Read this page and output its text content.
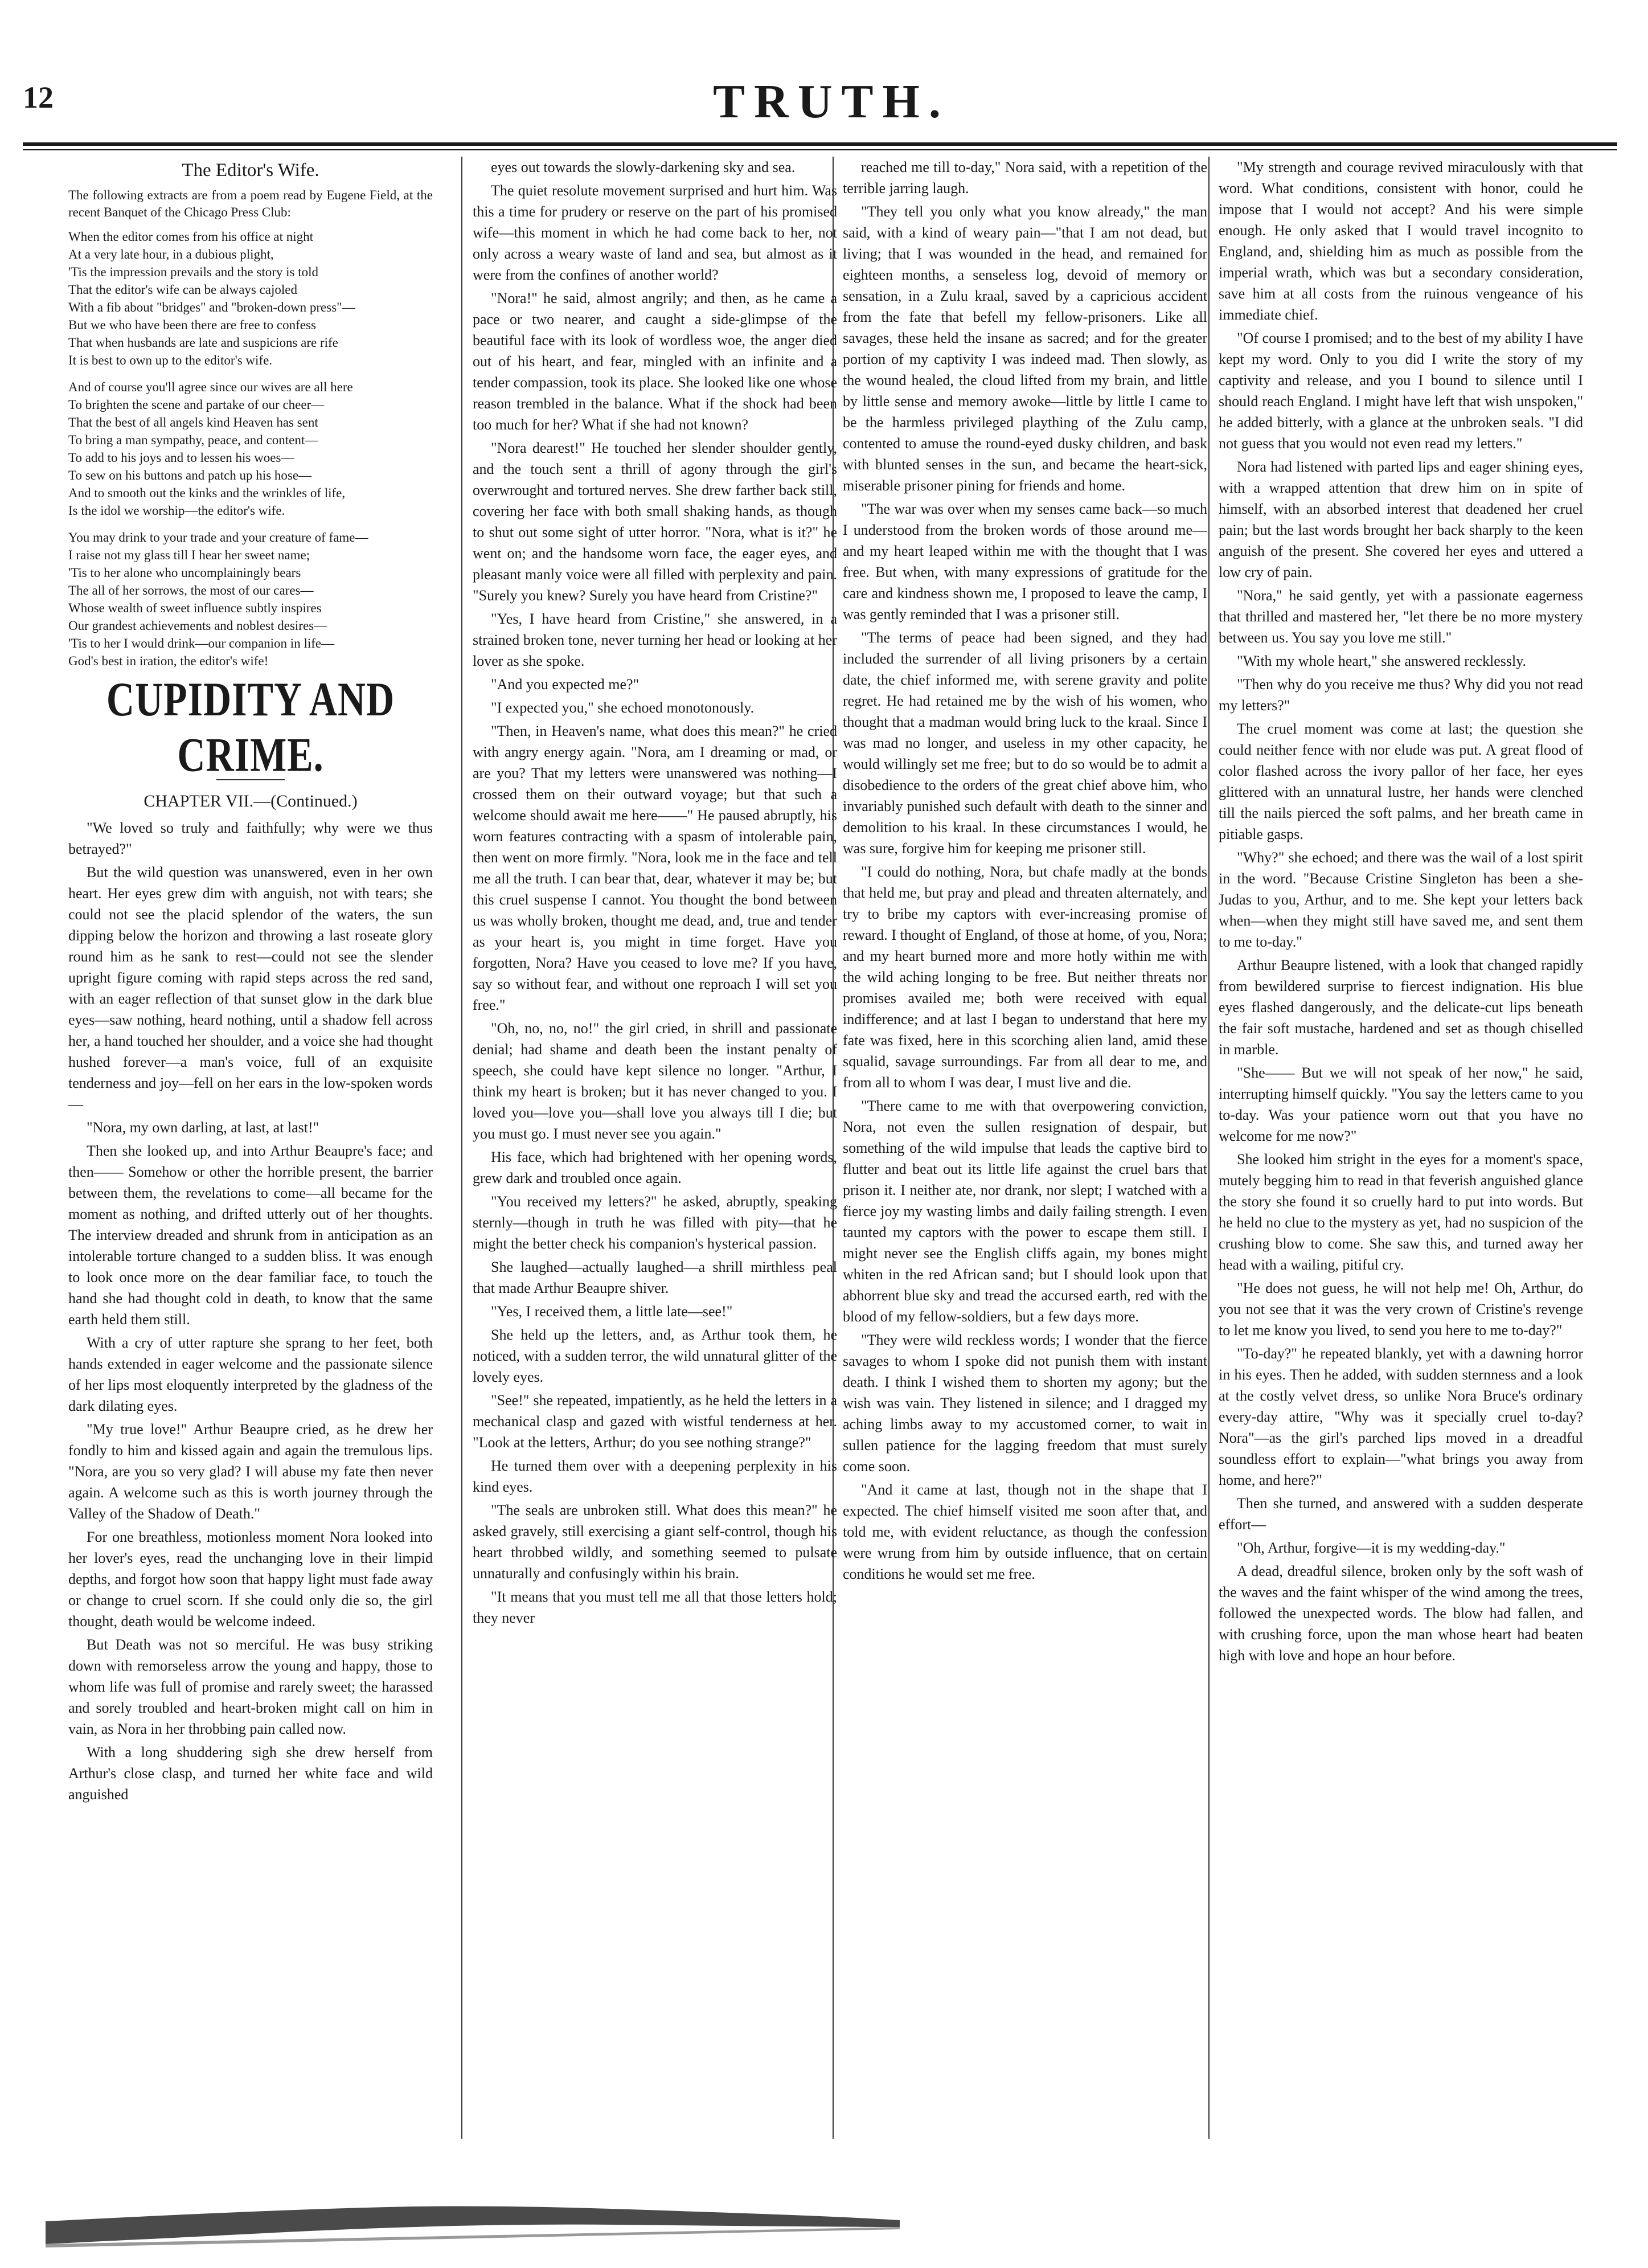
12	TRUTH.
The Editor's Wife.
The following extracts are from a poem read by Eugene Field, at the recent Banquet of the Chicago Press Club:
When the editor comes from his office at night
At a very late hour, in a dubious plight,
'Tis the impression prevails and the story is told
That the editor's wife can be always cajoled
With a fib about "bridges" and "broken-down press"—
But we who have been there are free to confess
That when husbands are late and suspicions are rife
It is best to own up to the editor's wife.
And of course you'll agree since our wives are all here
To brighten the scene and partake of our cheer—
That the best of all angels kind Heaven has sent
To bring a man sympathy, peace, and content—
To add to his joys and to lessen his woes—
To sew on his buttons and patch up his hose—
And to smooth out the kinks and the wrinkles of life,
Is the idol we worship—the editor's wife.
You may drink to your trade and your creature of fame—
I raise not my glass till I hear her sweet name;
'Tis to her alone who uncomplainingly bears
The all of her sorrows, the most of our cares—
Whose wealth of sweet influence subtly inspires
Our grandest achievements and noblest desires—
'Tis to her I would drink—our companion in life—
God's best in iration, the editor's wife!
CUPIDITY AND CRIME.
CHAPTER VII.—(Continued.)

"We loved so truly and faithfully; why were we thus betrayed?"

But the wild question was unanswered, even in her own heart. Her eyes grew dim with anguish, not with tears; she could not see the placid splendor of the waters, the sun dipping below the horizon and throwing a last roseate glory round him as he sank to rest—could not see the slender upright figure coming with rapid steps across the red sand, with an eager reflection of that sunset glow in the dark blue eyes—saw nothing, heard nothing, until a shadow fell across her, a hand touched her shoulder, and a voice she had thought hushed forever—a man's voice, full of an exquisite tenderness and joy—fell on her ears in the low-spoken words—

"Nora, my own darling, at last, at last!"

Then she looked up, and into Arthur Beaupre's face; and then—— Somehow or other the horrible present, the barrier between them, the revelations to come—all became for the moment as nothing, and drifted utterly out of her thoughts. The interview dreaded and shrunk from in anticipation as an intolerable torture changed to a sudden bliss. It was enough to look once more on the dear familiar face, to touch the hand she had thought cold in death, to know that the same earth held them still.

With a cry of utter rapture she sprang to her feet, both hands extended in eager welcome and the passionate silence of her lips most eloquently interpreted by the gladness of the dark dilating eyes.

"My true love!" Arthur Beaupre cried, as he drew her fondly to him and kissed again and again the tremulous lips. "Nora, are you so very glad? I will abuse my fate then never again. A welcome such as this is worth journey through the Valley of the Shadow of Death."

For one breathless, motionless moment Nora looked into her lover's eyes, read the unchanging love in their limpid depths, and forgot how soon that happy light must fade away or change to cruel scorn. If she could only die so, the girl thought, death would be welcome indeed.

But Death was not so merciful. He was busy striking down with remorseless arrow the young and happy, those to whom life was full of promise and rarely sweet; the harassed and sorely troubled and heart-broken might call on him in vain, as Nora in her throbbing pain called now.

With a long shuddering sigh she drew herself from Arthur's close clasp, and turned her white face and wild anguished

eyes out towards the slowly-darkening sky and sea.

The quiet resolute movement surprised and hurt him. Was this a time for prudery or reserve on the part of his promised wife—this moment in which he had come back to her, not only across a weary waste of land and sea, but almost as it were from the confines of another world?

"Nora!" he said, almost angrily; and then, as he came a pace or two nearer, and caught a side-glimpse of the beautiful face with its look of wordless woe, the anger died out of his heart, and fear, mingled with an infinite and a tender compassion, took its place. She looked like one whose reason trembled in the balance. What if the shock had been too much for her? What if she had not known?

"Nora dearest!" He touched her slender shoulder gently, and the touch sent a thrill of agony through the girl's overwrought and tortured nerves. She drew farther back still, covering her face with both small shaking hands, as though to shut out some sight of utter horror. "Nora, what is it?" he went on; and the handsome worn face, the eager eyes, and pleasant manly voice were all filled with perplexity and pain. "Surely you knew? Surely you have heard from Cristine?"

"Yes, I have heard from Cristine," she answered, in a strained broken tone, never turning her head or looking at her lover as she spoke.

"And you expected me?"

"I expected you," she echoed monotonously.

"Then, in Heaven's name, what does this mean?" he cried with angry energy again. "Nora, am I dreaming or mad, or are you? That my letters were unanswered was nothing—I crossed them on their outward voyage; but that such a welcome should await me here——" He paused abruptly, his worn features contracting with a spasm of intolerable pain, then went on more firmly. "Nora, look me in the face and tell me all the truth. I can bear that, dear, whatever it may be; but this cruel suspense I cannot. You thought the bond between us was wholly broken, thought me dead, and, true and tender as your heart is, you might in time forget. Have you forgotten, Nora? Have you ceased to love me? If you have, say so without fear, and without one reproach I will set you free."

"Oh, no, no, no!" the girl cried, in shrill and passionate denial; had shame and death been the instant penalty of speech, she could have kept silence no longer. "Arthur, I think my heart is broken; but it has never changed to you. I loved you—love you—shall love you always till I die; but you must go. I must never see you again."

His face, which had brightened with her opening words, grew dark and troubled once again.

"You received my letters?" he asked, abruptly, speaking sternly—though in truth he was filled with pity—that he might the better check his companion's hysterical passion.

She laughed—actually laughed—a shrill mirthless peal that made Arthur Beaupre shiver.

"Yes, I received them, a little late—see!"

She held up the letters, and, as Arthur took them, he noticed, with a sudden terror, the wild unnatural glitter of the lovely eyes.

"See!" she repeated, impatiently, as he held the letters in a mechanical clasp and gazed with wistful tenderness at her. "Look at the letters, Arthur; do you see nothing strange?"

He turned them over with a deepening perplexity in his kind eyes.

"The seals are unbroken still. What does this mean?" he asked gravely, still exercising a giant self-control, though his heart throbbed wildly, and something seemed to pulsate unnaturally and confusingly within his brain.

"It means that you must tell me all that those letters hold; they never

reached me till to-day," Nora said, with a repetition of the terrible jarring laugh.

"They tell you only what you know already," the man said, with a kind of weary pain—"that I am not dead, but living; that I was wounded in the head, and remained for eighteen months, a senseless log, devoid of memory or sensation, in a Zulu kraal, saved by a capricious accident from the fate that befell my fellow-prisoners. Like all savages, these held the insane as sacred; and for the greater portion of my captivity I was indeed mad. Then slowly, as the wound healed, the cloud lifted from my brain, and little by little sense and memory awoke—little by little I came to be the harmless privileged plaything of the Zulu camp, contented to amuse the round-eyed dusky children, and bask with blunted senses in the sun, and became the heart-sick, miserable prisoner pining for friends and home.

"The war was over when my senses came back—so much I understood from the broken words of those around me—and my heart leaped within me with the thought that I was free. But when, with many expressions of gratitude for the care and kindness shown me, I proposed to leave the camp, I was gently reminded that I was a prisoner still.

"The terms of peace had been signed, and they had included the surrender of all living prisoners by a certain date, the chief informed me, with serene gravity and polite regret. He had retained me by the wish of his women, who thought that a madman would bring luck to the kraal. Since I was mad no longer, and useless in my other capacity, he would willingly set me free; but to do so would be to admit a disobedience to the orders of the great chief above him, who invariably punished such default with death to the sinner and demolition to his kraal. In these circumstances I would, he was sure, forgive him for keeping me prisoner still.

"I could do nothing, Nora, but chafe madly at the bonds that held me, but pray and plead and threaten alternately, and try to bribe my captors with ever-increasing promise of reward. I thought of England, of those at home, of you, Nora; and my heart burned more and more hotly within me with the wild aching longing to be free. But neither threats nor promises availed me; both were received with equal indifference; and at last I began to understand that here my fate was fixed, here in this scorching alien land, amid these squalid, savage surroundings. Far from all dear to me, and from all to whom I was dear, I must live and die.

"There came to me with that overpowering conviction, Nora, not even the sullen resignation of despair, but something of the wild impulse that leads the captive bird to flutter and beat out its little life against the cruel bars that prison it. I neither ate, nor drank, nor slept; I watched with a fierce joy my wasting limbs and daily failing strength. I even taunted my captors with the power to escape them still. I might never see the English cliffs again, my bones might whiten in the red African sand; but I should look upon that abhorrent blue sky and tread the accursed earth, red with the blood of my fellow-soldiers, but a few days more.

"They were wild reckless words; I wonder that the fierce savages to whom I spoke did not punish them with instant death. I think I wished them to shorten my agony; but the wish was vain. They listened in silence; and I dragged my aching limbs away to my accustomed corner, to wait in sullen patience for the lagging freedom that must surely come soon.

"And it came at last, though not in the shape that I expected. The chief himself visited me soon after that, and told me, with evident reluctance, as though the confession were wrung from him by outside influence, that on certain conditions he would set me free.

"My strength and courage revived miraculously with that word. What conditions, consistent with honor, could he impose that I would not accept? And his were simple enough. He only asked that I would travel incognito to England, and, shielding him as much as possible from the imperial wrath, which was but a secondary consideration, save him at all costs from the ruinous vengeance of his immediate chief.

"Of course I promised; and to the best of my ability I have kept my word. Only to you did I write the story of my captivity and release, and you I bound to silence until I should reach England. I might have left that wish unspoken," he added bitterly, with a glance at the unbroken seals. "I did not guess that you would not even read my letters."

Nora had listened with parted lips and eager shining eyes, with a wrapped attention that drew him on in spite of himself, with an absorbed interest that deadened her cruel pain; but the last words brought her back sharply to the keen anguish of the present. She covered her eyes and uttered a low cry of pain.

"Nora," he said gently, yet with a passionate eagerness that thrilled and mastered her, "let there be no more mystery between us. You say you love me still."

"With my whole heart," she answered recklessly.

"Then why do you receive me thus? Why did you not read my letters?"

The cruel moment was come at last; the question she could neither fence with nor elude was put. A great flood of color flashed across the ivory pallor of her face, her eyes glittered with an unnatural lustre, her hands were clenched till the nails pierced the soft palms, and her breath came in pitiable gasps.

"Why?" she echoed; and there was the wail of a lost spirit in the word. "Because Cristine Singleton has been a she-Judas to you, Arthur, and to me. She kept your letters back when—when they might still have saved me, and sent them to me to-day."

Arthur Beaupre listened, with a look that changed rapidly from bewildered surprise to fiercest indignation. His blue eyes flashed dangerously, and the delicate-cut lips beneath the fair soft mustache, hardened and set as though chiselled in marble.

"She—— But we will not speak of her now," he said, interrupting himself quickly. "You say the letters came to you to-day. Was your patience worn out that you have no welcome for me now?"

She looked him stright in the eyes for a moment's space, mutely begging him to read in that feverish anguished glance the story she found it so cruelly hard to put into words. But he held no clue to the mystery as yet, had no suspicion of the crushing blow to come. She saw this, and turned away her head with a wailing, pitiful cry.

"He does not guess, he will not help me! Oh, Arthur, do you not see that it was the very crown of Cristine's revenge to let me know you lived, to send you here to me to-day?"

"To-day?" he repeated blankly, yet with a dawning horror in his eyes. Then he added, with sudden sternness and a look at the costly velvet dress, so unlike Nora Bruce's ordinary every-day attire, "Why was it specially cruel to-day? Nora"—as the girl's parched lips moved in a dreadful soundless effort to explain—"what brings you away from home, and here?"

Then she turned, and answered with a sudden desperate effort—

"Oh, Arthur, forgive—it is my wedding-day."

A dead, dreadful silence, broken only by the soft wash of the waves and the faint whisper of the wind among the trees, followed the unexpected words. The blow had fallen, and with crushing force, upon the man whose heart had beaten high with love and hope an hour before.
